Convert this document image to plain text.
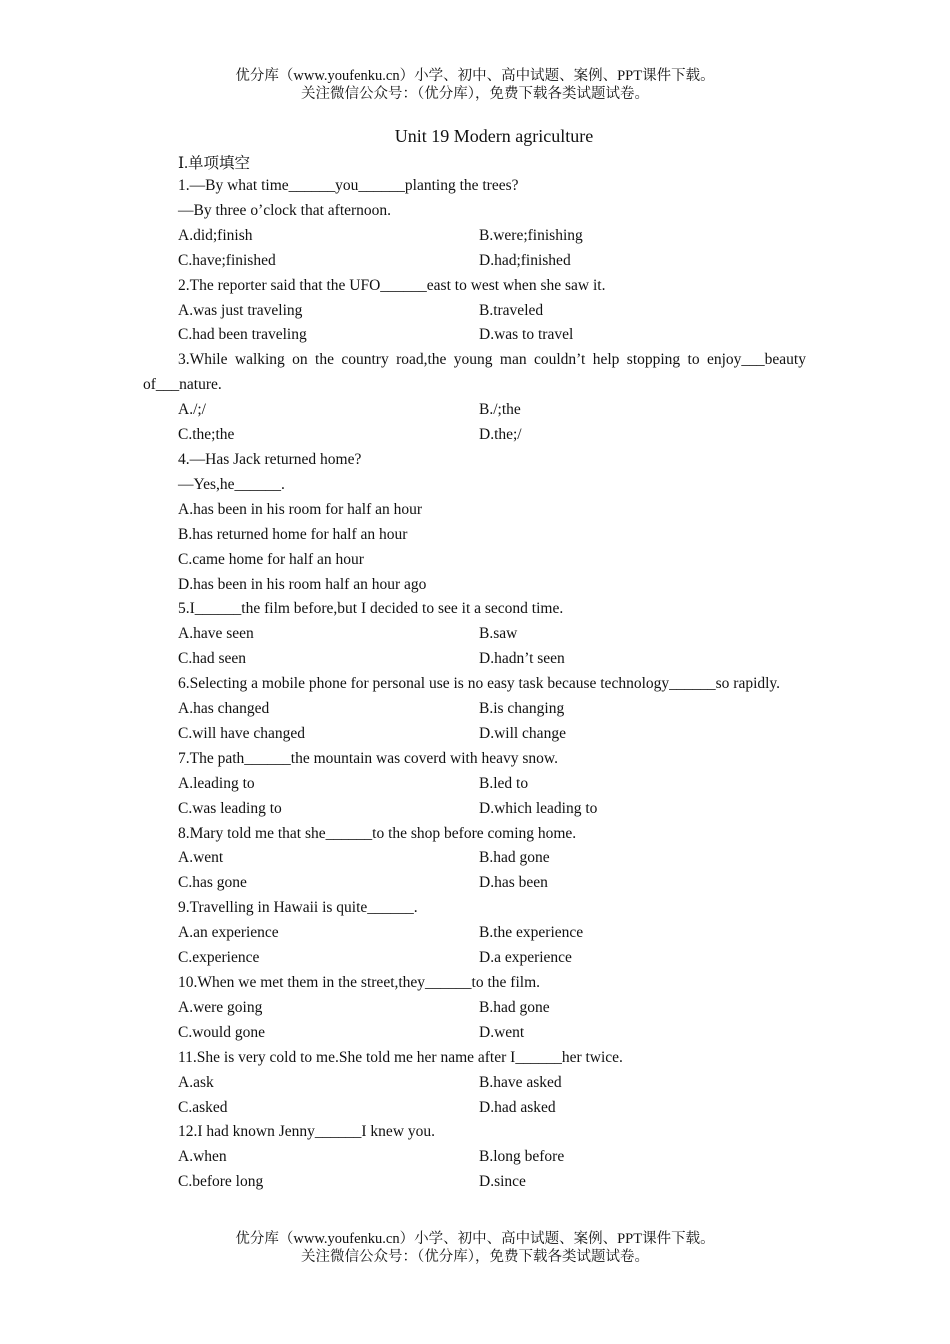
优分库（www.youfenku.cn）小学、初中、高中试题、案例、PPT课件下载。
关注微信公众号：（优分库），免费下载各类试题试卷。
Unit 19 Modern agriculture
Ⅰ.单项填空
1.—By what time______you______planting the trees?
—By three o’clock that afternoon.
A.did;finish	B.were;finishing
C.have;finished	D.had;finished
2.The reporter said that the UFO______east to west when she saw it.
A.was just traveling	B.traveled
C.had been traveling	D.was to travel
3.While walking on the country road,the young man couldn’t help stopping to enjoy___beauty of___nature.
A./;/	B./;the
C.the;the	D.the;/
4.—Has Jack returned home?
—Yes,he______.
A.has been in his room for half an hour
B.has returned home for half an hour
C.came home for half an hour
D.has been in his room half an hour ago
5.I______the film before,but I decided to see it a second time.
A.have seen	B.saw
C.had seen	D.hadn’t seen
6.Selecting a mobile phone for personal use is no easy task because technology______so rapidly.
A.has changed	B.is changing
C.will have changed	D.will change
7.The path______the mountain was coverd with heavy snow.
A.leading to	B.led to
C.was leading to	D.which leading to
8.Mary told me that she______to the shop before coming home.
A.went	B.had gone
C.has gone	D.has been
9.Travelling in Hawaii is quite______.
A.an experience	B.the experience
C.experience	D.a experience
10.When we met them in the street,they______to the film.
A.were going	B.had gone
C.would gone	D.went
11.She is very cold to me.She told me her name after I______her twice.
A.ask	B.have asked
C.asked	D.had asked
12.I had known Jenny______I knew you.
A.when	B.long before
C.before long	D.since
优分库（www.youfenku.cn）小学、初中、高中试题、案例、PPT课件下载。
关注微信公众号：（优分库），免费下载各类试题试卷。
